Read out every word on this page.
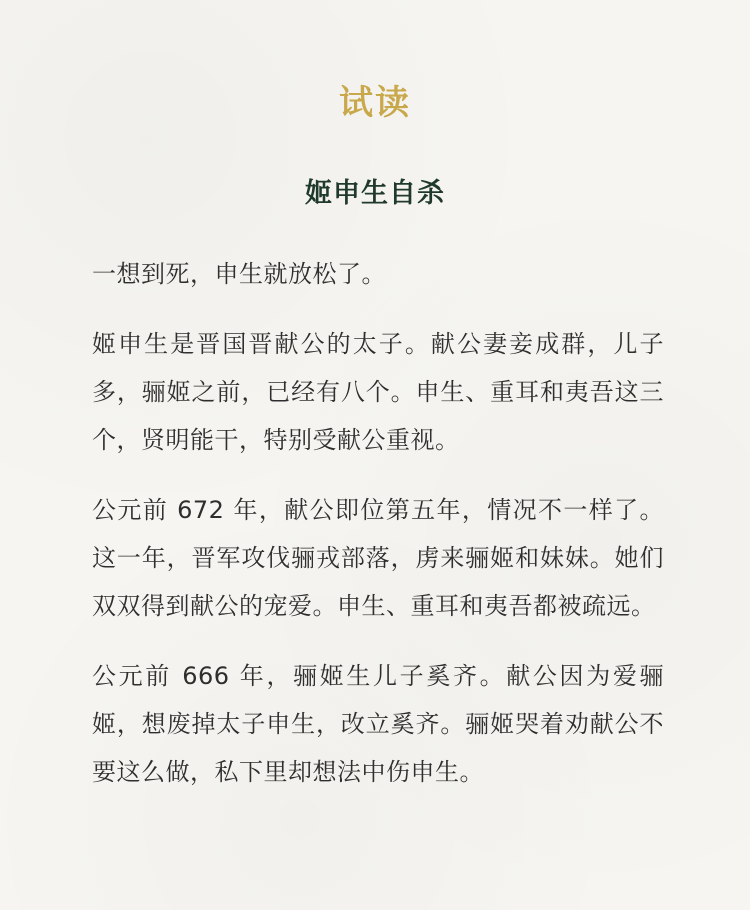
试读
姬申生自杀

一想到死，申生就放松了。

姬申生是晋国晋献公的太子。献公妻妾成群，儿子多，骊姬之前，已经有八个。申生、重耳和夷吾这三个，贤明能干，特别受献公重视。

公元前 672 年，献公即位第五年，情况不一样了。这一年，晋军攻伐骊戎部落，虏来骊姬和妹妹。她们双双得到献公的宠爱。申生、重耳和夷吾都被疏远。

公元前 666 年，骊姬生儿子奚齐。献公因为爱骊姬，想废掉太子申生，改立奚齐。骊姬哭着劝献公不要这么做，私下里却想法中伤申生。
